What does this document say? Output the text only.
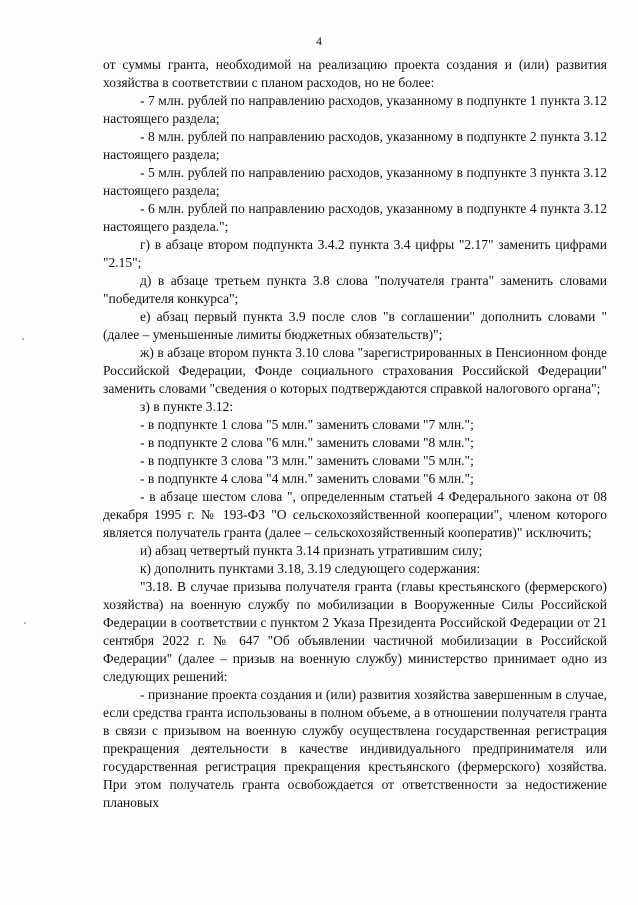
4

от суммы гранта, необходимой на реализацию проекта создания и (или) развития хозяйства в соответствии с планом расходов, но не более:

- 7 млн. рублей по направлению расходов, указанному в подпункте 1 пункта 3.12 настоящего раздела;

- 8 млн. рублей по направлению расходов, указанному в подпункте 2 пункта 3.12 настоящего раздела;

- 5 млн. рублей по направлению расходов, указанному в подпункте 3 пункта 3.12 настоящего раздела;

- 6 млн. рублей по направлению расходов, указанному в подпункте 4 пункта 3.12 настоящего раздела.";

г) в абзаце втором подпункта 3.4.2 пункта 3.4 цифры "2.17" заменить цифрами "2.15";

д) в абзаце третьем пункта 3.8 слова "получателя гранта" заменить словами "победителя конкурса";

е) абзац первый пункта 3.9 после слов "в соглашении" дополнить словами "(далее – уменьшенные лимиты бюджетных обязательств)";

ж) в абзаце втором пункта 3.10 слова "зарегистрированных в Пенсионном фонде Российской Федерации, Фонде социального страхования Российской Федерации" заменить словами "сведения о которых подтверждаются справкой налогового органа";

з) в пункте 3.12:

- в подпункте 1 слова "5 млн." заменить словами "7 млн.";

- в подпункте 2 слова "6 млн." заменить словами "8 млн.";

- в подпункте 3 слова "3 млн." заменить словами "5 млн.";

- в подпункте 4 слова "4 млн." заменить словами "6 млн.";

- в абзаце шестом слова ", определенным статьей 4 Федерального закона от 08 декабря 1995 г. № 193-ФЗ "О сельскохозяйственной кооперации", членом которого является получатель гранта (далее – сельскохозяйственный кооператив)" исключить;

и) абзац четвертый пункта 3.14 признать утратившим силу;

к) дополнить пунктами 3.18, 3.19 следующего содержания:

"3.18. В случае призыва получателя гранта (главы крестьянского (фермерского) хозяйства) на военную службу по мобилизации в Вооруженные Силы Российской Федерации в соответствии с пунктом 2 Указа Президента Российской Федерации от 21 сентября 2022 г. № 647 "Об объявлении частичной мобилизации в Российской Федерации" (далее – призыв на военную службу) министерство принимает одно из следующих решений:

- признание проекта создания и (или) развития хозяйства завершенным в случае, если средства гранта использованы в полном объеме, а в отношении получателя гранта в связи с призывом на военную службу осуществлена государственная регистрация прекращения деятельности в качестве индивидуального предпринимателя или государственная регистрация прекращения крестьянского (фермерского) хозяйства. При этом получатель гранта освобождается от ответственности за недостижение плановых
